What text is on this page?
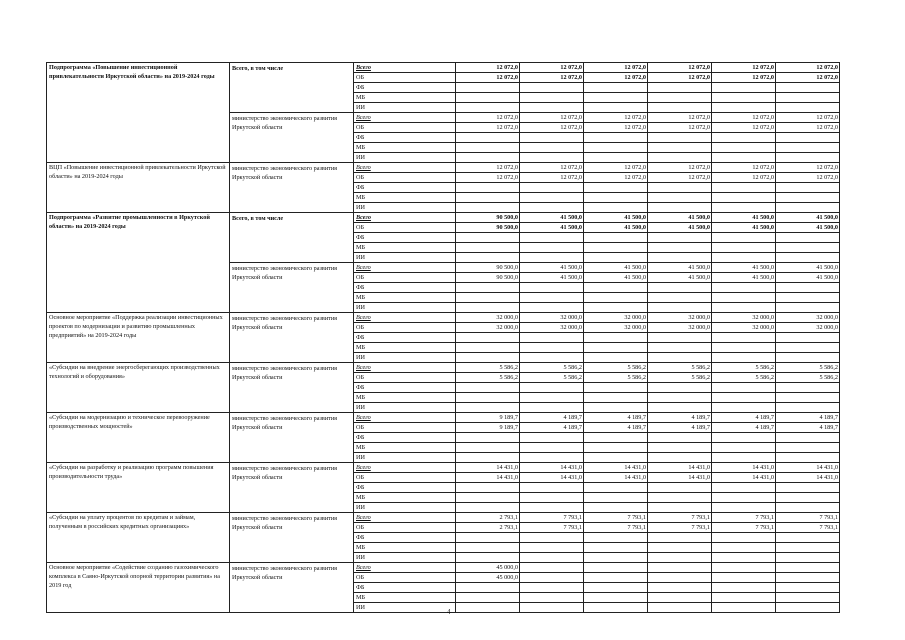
Подпрограмма «Повышение инвестиционной привлекательности Иркутской области» на 2019-2024 годы	Всего, в том числе	Всего	12 072,0	12 072,0	12 072,0	12 072,0	12 072,0	12 072,0
		ОБ	12 072,0	12 072,0	12 072,0	12 072,0	12 072,0	12 072,0
		ФБ						
		МБ						
		ИИ						
	министерство экономического развития Иркутской области	Всего	12 072,0	12 072,0	12 072,0	12 072,0	12 072,0	12 072,0
		ОБ	12 072,0	12 072,0	12 072,0	12 072,0	12 072,0	12 072,0
		ФБ						
		МБ						
		ИИ						
ВЦП «Повышение инвестиционной привлекательности Иркутской области» на 2019-2024 годы	министерство экономического развития Иркутской области	Всего	12 072,0	12 072,0	12 072,0	12 072,0	12 072,0	12 072,0
		ОБ	12 072,0	12 072,0	12 072,0	12 072,0	12 072,0	12 072,0
		ФБ						
		МБ						
		ИИ						
Подпрограмма «Развитие промышленности в Иркутской области» на 2019-2024 годы	Всего, в том числе	Всего	90 500,0	41 500,0	41 500,0	41 500,0	41 500,0	41 500,0
		ОБ	90 500,0	41 500,0	41 500,0	41 500,0	41 500,0	41 500,0
		ФБ						
		МБ						
		ИИ						
	министерство экономического развития Иркутской области	Всего	90 500,0	41 500,0	41 500,0	41 500,0	41 500,0	41 500,0
		ОБ	90 500,0	41 500,0	41 500,0	41 500,0	41 500,0	41 500,0
		ФБ						
		МБ						
		ИИ						
Основное мероприятие «Поддержка реализации инвестиционных проектов по модернизации и развитию промышленных предприятий» на 2019-2024 годы	министерство экономического развития Иркутской области	Всего	32 000,0	32 000,0	32 000,0	32 000,0	32 000,0	32 000,0
		ОБ	32 000,0	32 000,0	32 000,0	32 000,0	32 000,0	32 000,0
		ФБ						
		МБ						
		ИИ						
«Субсидии на внедрение энергосберегающих производственных технологий и оборудования»	министерство экономического развития Иркутской области	Всего	5 586,2	5 586,2	5 586,2	5 586,2	5 586,2	5 586,2
		ОБ	5 586,2	5 586,2	5 586,2	5 586,2	5 586,2	5 586,2
		ФБ						
		МБ						
		ИИ						
«Субсидии на модернизацию и техническое перевооружение производственных мощностей»	министерство экономического развития Иркутской области	Всего	9 189,7	4 189,7	4 189,7	4 189,7	4 189,7	4 189,7
		ОБ	9 189,7	4 189,7	4 189,7	4 189,7	4 189,7	4 189,7
		ФБ						
		МБ						
		ИИ						
«Субсидии на разработку и реализацию программ повышения производительности труда»	министерство экономического развития Иркутской области	Всего	14 431,0	14 431,0	14 431,0	14 431,0	14 431,0	14 431,0
		ОБ	14 431,0	14 431,0	14 431,0	14 431,0	14 431,0	14 431,0
		ФБ						
		МБ						
		ИИ						
«Субсидии на уплату процентов по кредитам и займам, полученным в российских кредитных организациях»	министерство экономического развития Иркутской области	Всего	2 793,1	7 793,1	7 793,1	7 793,1	7 793,1	7 793,1
		ОБ	2 793,1	7 793,1	7 793,1	7 793,1	7 793,1	7 793,1
		ФБ						
		МБ						
		ИИ						
Основное мероприятие «Содействие созданию газохимического комплекса в Саяно-Иркутской опорной территории развития» на 2019 год	министерство экономического развития Иркутской области	Всего	45 000,0					
		ОБ	45 000,0					
		ФБ						
		МБ						
		ИИ						
4
